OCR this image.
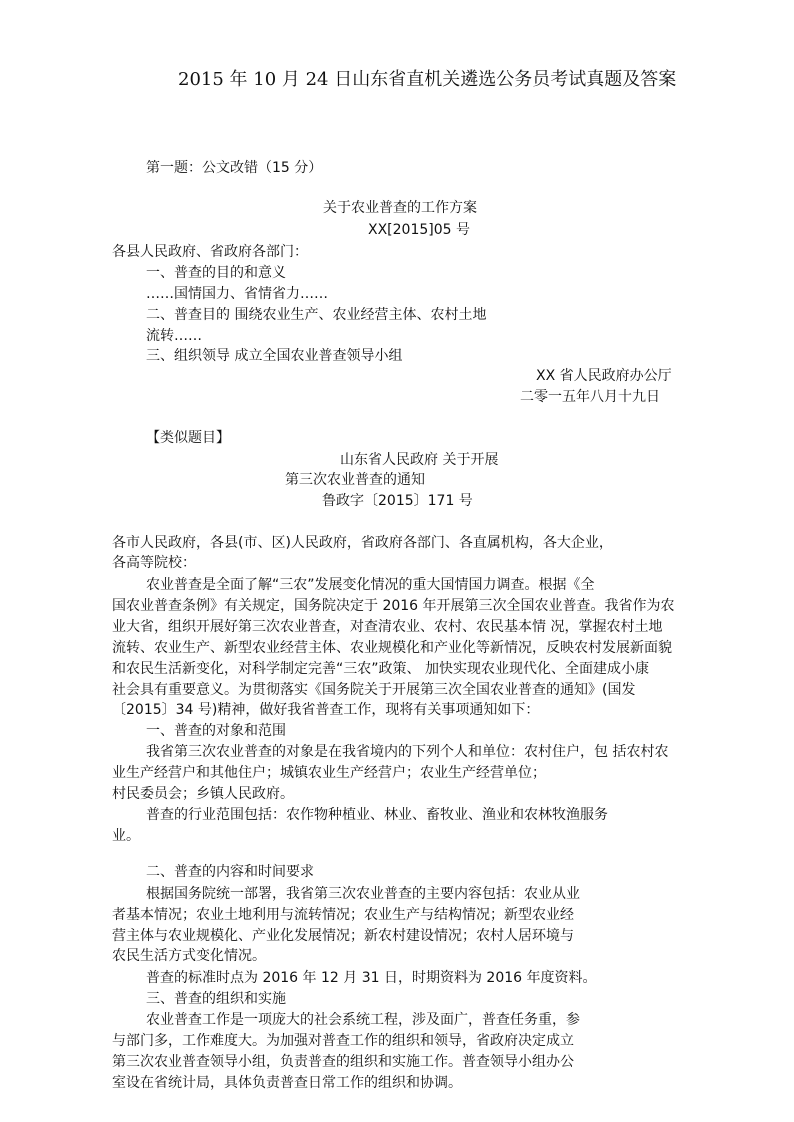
2015 年 10 月 24 日山东省直机关遴选公务员考试真题及答案
第一题：公文改错（15 分）
关于农业普查的工作方案
XX[2015]05 号
各县人民政府、省政府各部门：
一、普查的目的和意义
……国情国力、省情省力……
二、普查目的 围绕农业生产、农业经营主体、农村土地
流转……
三、组织领导 成立全国农业普查领导小组
XX 省人民政府办公厅
二零一五年八月十九日
【类似题目】
山东省人民政府 关于开展
第三次农业普查的通知
鲁政字〔2015〕171 号
各市人民政府，各县(市、区)人民政府，省政府各部门、各直属机构，各大企业，
各高等院校：
农业普查是全面了解“三农”发展变化情况的重大国情国力调查。根据《全
国农业普查条例》有关规定，国务院决定于 2016 年开展第三次全国农业普查。我省作为农
业大省，组织开展好第三次农业普查，对查清农业、农村、农民基本情 况，掌握农村土地
流转、农业生产、新型农业经营主体、农业规模化和产业化等新情况，反映农村发展新面貌
和农民生活新变化，对科学制定完善“三农”政策、 加快实现农业现代化、全面建成小康
社会具有重要意义。为贯彻落实《国务院关于开展第三次全国农业普查的通知》(国发
〔2015〕34 号)精神，做好我省普查工作，现将有关事项通知如下：
一、普查的对象和范围
我省第三次农业普查的对象是在我省境内的下列个人和单位：农村住户，包 括农村农
业生产经营户和其他住户；城镇农业生产经营户；农业生产经营单位；
村民委员会；乡镇人民政府。
普查的行业范围包括：农作物种植业、林业、畜牧业、渔业和农林牧渔服务
业。
二、普查的内容和时间要求
根据国务院统一部署，我省第三次农业普查的主要内容包括：农业从业
者基本情况；农业土地利用与流转情况；农业生产与结构情况；新型农业经
营主体与农业规模化、产业化发展情况；新农村建设情况；农村人居环境与
农民生活方式变化情况。
普查的标准时点为 2016 年 12 月 31 日，时期资料为 2016 年度资料。
三、普查的组织和实施
农业普查工作是一项庞大的社会系统工程，涉及面广，普查任务重，参
与部门多，工作难度大。为加强对普查工作的组织和领导，省政府决定成立
第三次农业普查领导小组，负责普查的组织和实施工作。普查领导小组办公
室设在省统计局，具体负责普查日常工作的组织和协调。
